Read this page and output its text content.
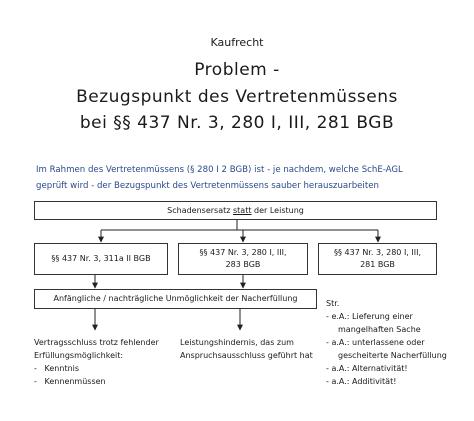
Kaufrecht
Problem -
Bezugspunkt des Vertretenmüssens
bei §§ 437 Nr. 3, 280 I, III, 281 BGB
Im Rahmen des Vertretenmüssens (§ 280 I 2 BGB) ist - je nachdem, welche SchE-AGL
geprüft wird - der Bezugspunkt des Vertretenmüssens sauber herauszuarbeiten
Schadensersatz statt der Leistung
§§ 437 Nr. 3, 311a II BGB
§§ 437 Nr. 3, 280 I, III,
283 BGB
§§ 437 Nr. 3, 280 I, III,
281 BGB
Anfängliche / nachträgliche Unmöglichkeit der Nacherfüllung
Vertragsschluss trotz fehlender
Erfüllungsmöglichkeit:
- Kenntnis
- Kennenmüssen
Leistungshindernis, das zum
Anspruchsausschluss geführt hat
Str.
- e.A.: Lieferung einer
mangelhaften Sache
- a.A.: unterlassene oder
gescheiterte Nacherfüllung
- a.A.: Alternativität!
- a.A.: Additivität!
